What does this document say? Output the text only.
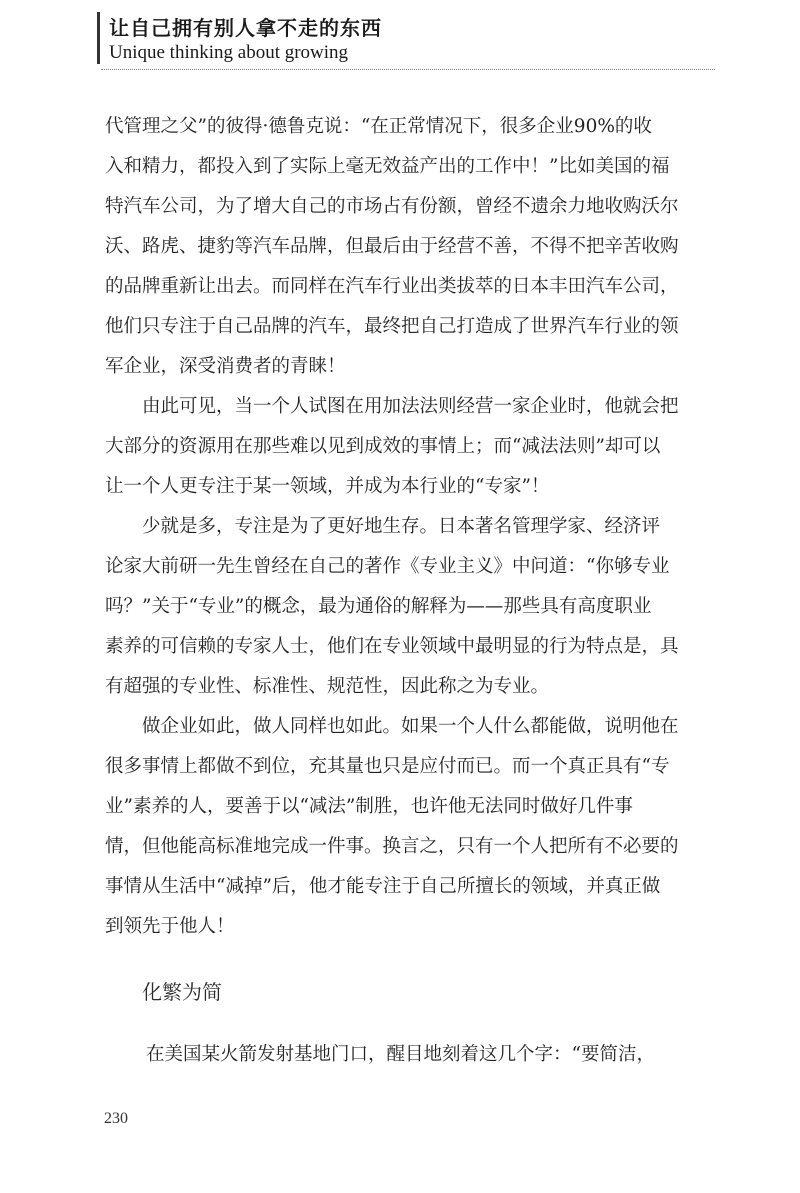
让自己拥有别人拿不走的东西
Unique thinking about growing
代管理之父”的彼得·德鲁克说：“在正常情况下，很多企业90%的收
入和精力，都投入到了实际上毫无效益产出的工作中！”比如美国的福
特汽车公司，为了增大自己的市场占有份额，曾经不遗余力地收购沃尔
沃、路虎、捷豹等汽车品牌，但最后由于经营不善，不得不把辛苦收购
的品牌重新让出去。而同样在汽车行业出类拔萃的日本丰田汽车公司，
他们只专注于自己品牌的汽车，最终把自己打造成了世界汽车行业的领
军企业，深受消费者的青睐！
由此可见，当一个人试图在用加法法则经营一家企业时，他就会把
大部分的资源用在那些难以见到成效的事情上；而“减法法则”却可以
让一个人更专注于某一领域，并成为本行业的“专家”！
少就是多，专注是为了更好地生存。日本著名管理学家、经济评
论家大前研一先生曾经在自己的著作《专业主义》中问道：“你够专业
吗？”关于“专业”的概念，最为通俗的解释为——那些具有高度职业
素养的可信赖的专家人士，他们在专业领域中最明显的行为特点是，具
有超强的专业性、标准性、规范性，因此称之为专业。
做企业如此，做人同样也如此。如果一个人什么都能做，说明他在
很多事情上都做不到位，充其量也只是应付而已。而一个真正具有“专
业”素养的人，要善于以“减法”制胜，也许他无法同时做好几件事
情，但他能高标准地完成一件事。换言之，只有一个人把所有不必要的
事情从生活中“减掉”后，他才能专注于自己所擅长的领域，并真正做
到领先于他人！
化繁为简
在美国某火箭发射基地门口，醒目地刻着这几个字：“要简洁，
230
